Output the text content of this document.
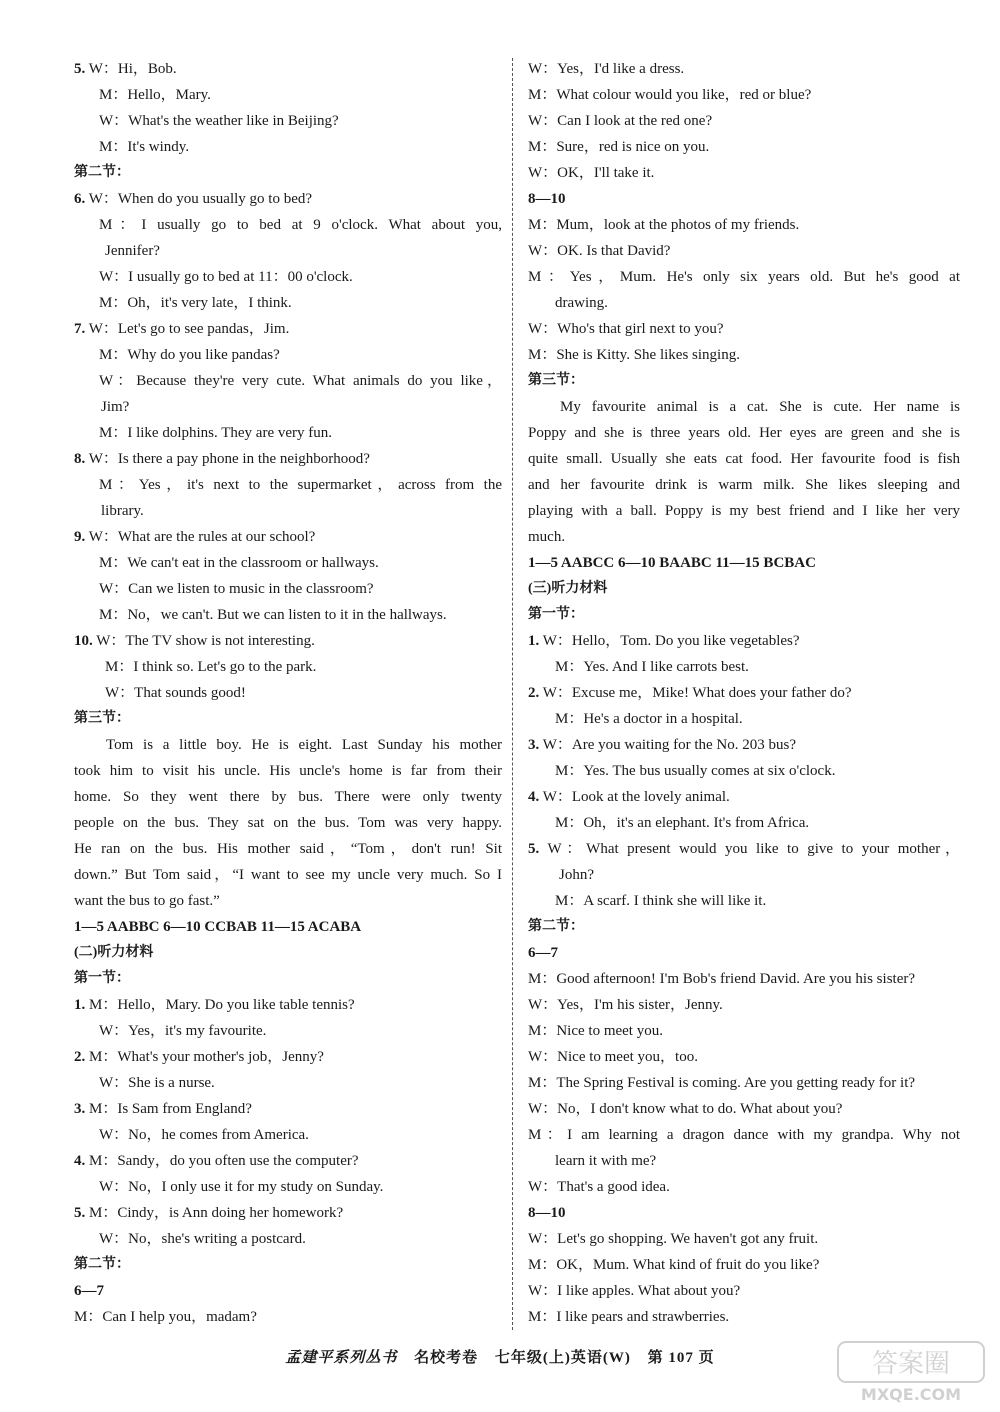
5. W：Hi，Bob.
M：Hello，Mary.
W：What's the weather like in Beijing?
M：It's windy.
第二节：
6. W：When do you usually go to bed?
M：I usually go to bed at 9 o'clock. What about you,
Jennifer?
W：I usually go to bed at 11：00 o'clock.
M：Oh，it's very late，I think.
7. W：Let's go to see pandas，Jim.
M：Why do you like pandas?
W：Because they're very cute. What animals do you like，
Jim?
M：I like dolphins. They are very fun.
8. W：Is there a pay phone in the neighborhood?
M：Yes，it's next to the supermarket，across from the
library.
9. W：What are the rules at our school?
M：We can't eat in the classroom or hallways.
W：Can we listen to music in the classroom?
M：No，we can't. But we can listen to it in the hallways.
10. W：The TV show is not interesting.
M：I think so. Let's go to the park.
W：That sounds good!
第三节：
Tom is a little boy. He is eight. Last Sunday his mother
took him to visit his uncle. His uncle's home is far from their
home. So they went there by bus. There were only twenty
people on the bus. They sat on the bus. Tom was very happy.
He ran on the bus. His mother said，“Tom，don't run! Sit
down.” But Tom said，“I want to see my uncle very much. So I
want the bus to go fast.”
1—5 AABBC 6—10 CCBAB 11—15 ACABA
(二)听力材料
第一节：
1. M：Hello，Mary. Do you like table tennis?
W：Yes，it's my favourite.
2. M：What's your mother's job，Jenny?
W：She is a nurse.
3. M：Is Sam from England?
W：No，he comes from America.
4. M：Sandy，do you often use the computer?
W：No，I only use it for my study on Sunday.
5. M：Cindy，is Ann doing her homework?
W：No，she's writing a postcard.
第二节：
6—7
M：Can I help you，madam?
W：Yes，I'd like a dress.
M：What colour would you like，red or blue?
W：Can I look at the red one?
M：Sure，red is nice on you.
W：OK，I'll take it.
8—10
M：Mum，look at the photos of my friends.
W：OK. Is that David?
M：Yes，Mum. He's only six years old. But he's good at
drawing.
W：Who's that girl next to you?
M：She is Kitty. She likes singing.
第三节：
My favourite animal is a cat. She is cute. Her name is
Poppy and she is three years old. Her eyes are green and she is
quite small. Usually she eats cat food. Her favourite food is fish
and her favourite drink is warm milk. She likes sleeping and
playing with a ball. Poppy is my best friend and I like her very
much.
1—5 AABCC 6—10 BAABC 11—15 BCBAC
(三)听力材料
第一节：
1. W：Hello，Tom. Do you like vegetables?
M：Yes. And I like carrots best.
2. W：Excuse me，Mike! What does your father do?
M：He's a doctor in a hospital.
3. W：Are you waiting for the No. 203 bus?
M：Yes. The bus usually comes at six o'clock.
4. W：Look at the lovely animal.
M：Oh，it's an elephant. It's from Africa.
5. W：What present would you like to give to your mother，
John?
M：A scarf. I think she will like it.
第二节：
6—7
M：Good afternoon! I'm Bob's friend David. Are you his sister?
W：Yes，I'm his sister，Jenny.
M：Nice to meet you.
W：Nice to meet you，too.
M：The Spring Festival is coming. Are you getting ready for it?
W：No，I don't know what to do. What about you?
M：I am learning a dragon dance with my grandpa. Why not
learn it with me?
W：That's a good idea.
8—10
W：Let's go shopping. We haven't got any fruit.
M：OK，Mum. What kind of fruit do you like?
W：I like apples. What about you?
M：I like pears and strawberries.
孟建平系列丛书 名校考卷 七年级(上)英语(W) 第 107 页	答案圈
MXQE.COM
